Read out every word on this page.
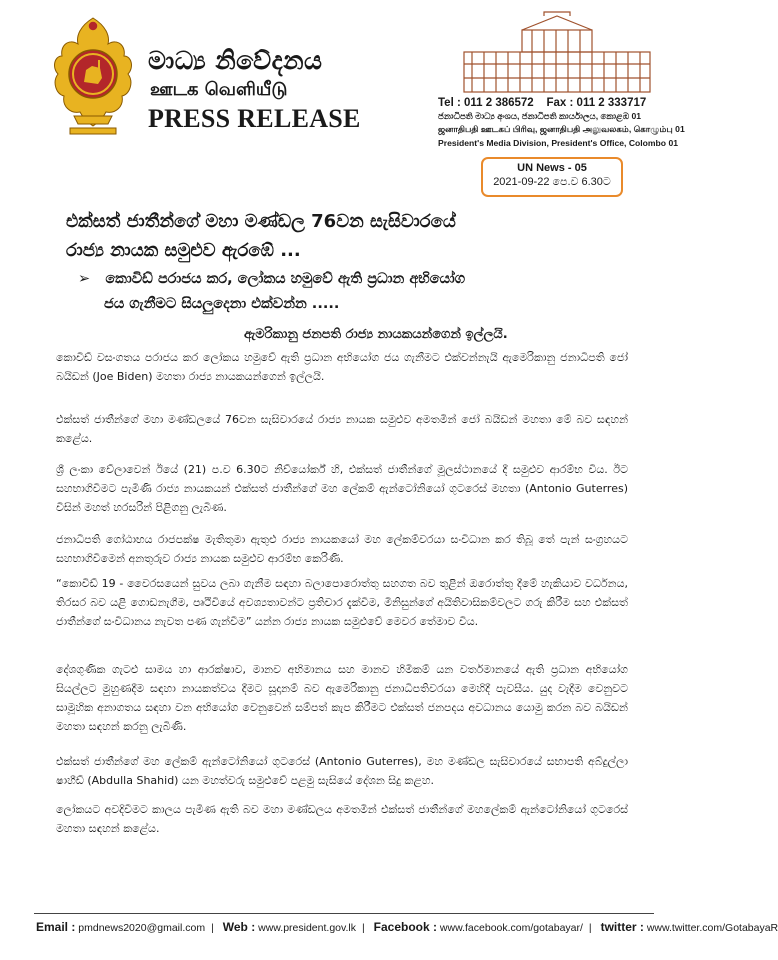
මාධ්‍ය නිවේදනය
ஊடக வெளியீடு
PRESS RELEASE
Tel : 011 2 386572 Fax : 011 2 333717
ජනාධිපති මාධ්‍ය අංශය, ජනාධිපති කාර්යාලය, කොළඹ 01
ஜனாதிபதி ஊடகப் பிரிவு, ஜனாதிபதி அலுவலகம், கொழும்பு 01
President's Media Division, President's Office, Colombo 01
UN News - 05
2021-09-22 පෙ.ව 6.30ට
එක්සත් ජාතීන්ගේ මහා මණ්ඩල 76වන සැසිවාරයේ
රාජ්‍ය නායක සමුළුව ඇරඹේ ...
➢ කොවිඩ් පරාජය කර, ලෝකය හමුවේ ඇති ප්‍රධාන අභියෝග
ජය ගැනීමට සියලුදෙනා එක්වන්න .....
ඇමරිකානු ජනපති රාජ්‍ය නායකයන්ගෙන් ඉල්ලයි.
කොවිඩ් වසංගතය පරාජය කර ලෝකය හමුවේ ඇති ප්‍රධාන අභියෝග ජය ගැනීමට එක්වන්නැයි ඇමෙරිකානු ජනාධිපති ජෝ බයිඩන් (Joe Biden) මහතා රාජ්‍ය නායකයන්ගෙන් ඉල්ලයි.
එක්සත් ජාතීන්ගේ මහා මණ්ඩලයේ 76වන සැසිවාරයේ රාජ්‍ය නායක සමුළුව අමතමින් ජෝ බයිඩන් මහතා මේ බව සඳහන් කළේය.
ශ්‍රී ලංකා වේලාවෙන් ඊයේ (21) ප.ව 6.30ට නිව්යෝර්ක් හි, එක්සත් ජාතීන්ගේ මූලස්ථානයේ දී සමුළුව ආරම්භ විය. ඊට සහභාගිවීමට පැමිණි රාජ්‍ය නායකයන් එක්සත් ජාතීන්ගේ මහ ලේකම් ඇන්ටෝනියෝ ගුටරෙස් මහතා (Antonio Guterres) විසින් මහත් හරසරින් පිළිගනු ලැබිණ.
ජනාධිපති ගෝඨාභය රාජපක්ෂ මැතිතුමා ඇතුළු රාජ්‍ය නායකයෝ මහ ලේකම්වරයා සංවිධාන කර තිබූ තේ පැන් සංග්‍රහයට සහභාගිවීමෙන් අනතුරුව රාජ්‍ය නායක සමුළුව ආරම්භ කෙරිණි.
“කොවිඩ් 19 - වෛරසයෙන් සුවය ලබා ගැනීම සඳහා බලාපොරොත්තු සහගත බව තුළින් ඔරොත්තු දීමේ හැකියාව වර්ධනය, තිරසර බව යළි ගොඩනැගීම, පෘථිවියේ අවශ්‍යතාවන්ට ප්‍රතිචාර දැක්වීම, මිනිසුන්ගේ අයිතිවාසිකම්වලට ගරු කිරීම සහ එක්සත් ජාතීන්ගේ සංවිධානය නැවත පණ ගැන්වීම” යන්න රාජ්‍ය නායක සමුළුවේ මෙවර තේමාව විය.
දේශගුණික ගැටළු සාමය හා ආරක්ෂාව, මානව අභිමානය සහ මානව හිමිකම් යන වර්තමානයේ ඇති ප්‍රධාන අභියෝග සියල්ලට මුහුණදීම සඳහා නායකත්වය දීමට සූදානම් බව ඇමෙරිකානු ජනාධිපතිවරයා මෙහිදී පැවසීය. යුද වැදීම වෙනුවට සාමූහික අනාගතය සඳහා වන අභියෝග වෙනුවෙන් සම්පත් කැප කිරීමට එක්සත් ජනපදය අවධානය යොමු කරන බව බයිඩන් මහතා සඳහන් කරනු ලැබිණි.
එක්සත් ජාතීන්ගේ මහ ලේකම් ඇන්ටෝනියෝ ගුටරෙස් (Antonio Guterres), මහ මණ්ඩල සැසිවාරයේ සභාපති අබ්දුල්ලා ෂාහීඩ් (Abdulla Shahid) යන මහත්වරු සමුළුවේ පළමු සැසියේ දේශන සිදු කළහ.
ලෝකයට අවදිවීමට කාලය පැමිණ ඇති බව මහා මණ්ඩලය අමතමින් එක්සත් ජාතීන්ගේ මහලේකම් ඇන්ටෝනියෝ ගුටරෙස් මහතා සඳහන් කළේය.
Email : pmdnews2020@gmail.com | Web : www.president.gov.lk | Facebook : www.facebook.com/gotabayar/ | twitter : www.twitter.com/GotabayaR
